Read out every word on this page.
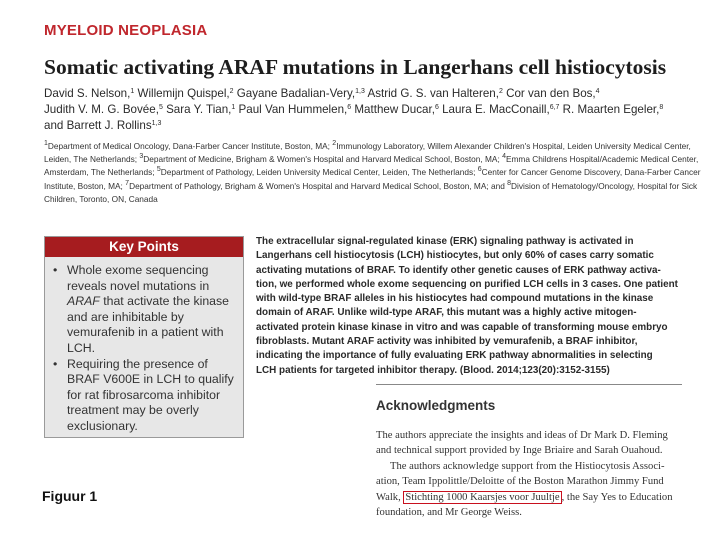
MYELOID NEOPLASIA
Somatic activating ARAF mutations in Langerhans cell histiocytosis
David S. Nelson,$^1$ Willemijn Quispel,$^2$ Gayane Badalian-Very,$^{1,3}$ Astrid G. S. van Halteren,$^2$ Cor van den Bos,$^4$
Judith V. M. G. Bovée,$^5$ Sara Y. Tian,$^1$ Paul Van Hummelen,$^6$ Matthew Ducar,$^6$ Laura E. MacConaill,$^{6,7}$ R. Maarten Egeler,$^8$
and Barrett J. Rollins$^{1,3}$
$^1$Department of Medical Oncology, Dana-Farber Cancer Institute, Boston, MA; $^2$Immunology Laboratory, Willem Alexander Children's Hospital, Leiden University Medical Center, Leiden, The Netherlands; $^3$Department of Medicine, Brigham & Women's Hospital and Harvard Medical School, Boston, MA; $^4$Emma Childrens Hospital/Academic Medical Center, Amsterdam, The Netherlands; $^5$Department of Pathology, Leiden University Medical Center, Leiden, The Netherlands; $^6$Center for Cancer Genome Discovery, Dana-Farber Cancer Institute, Boston, MA; $^7$Department of Pathology, Brigham & Women's Hospital and Harvard Medical School, Boston, MA; and $^8$Division of Hematology/Oncology, Hospital for Sick Children, Toronto, ON, Canada
Key Points
• Whole exome sequencing reveals novel mutations in ARAF that activate the kinase and are inhibitable by vemurafenib in a patient with LCH.
• Requiring the presence of BRAF V600E in LCH to qualify for rat fibrosarcoma inhibitor treatment may be overly exclusionary.
The extracellular signal-regulated kinase (ERK) signaling pathway is activated in
Langerhans cell histiocytosis (LCH) histiocytes, but only 60% of cases carry somatic
activating mutations of BRAF. To identify other genetic causes of ERK pathway activa-
tion, we performed whole exome sequencing on purified LCH cells in 3 cases. One patient
with wild-type BRAF alleles in his histiocytes had compound mutations in the kinase
domain of ARAF. Unlike wild-type ARAF, this mutant was a highly active mitogen-
activated protein kinase kinase in vitro and was capable of transforming mouse embryo
fibroblasts. Mutant ARAF activity was inhibited by vemurafenib, a BRAF inhibitor,
indicating the importance of fully evaluating ERK pathway abnormalities in selecting
LCH patients for targeted inhibitor therapy. (Blood. 2014;123(20):3152-3155)
Acknowledgments
The authors appreciate the insights and ideas of Dr Mark D. Fleming
and technical support provided by Inge Briaire and Sarah Ouahoud.
The authors acknowledge support from the Histiocytosis Associ-
ation, Team Ippolittle/Deloitte of the Boston Marathon Jimmy Fund
Walk, Stichting 1000 Kaarsjes voor Juultje , the Say Yes to Education
foundation, and Mr George Weiss.
Figuur 1
